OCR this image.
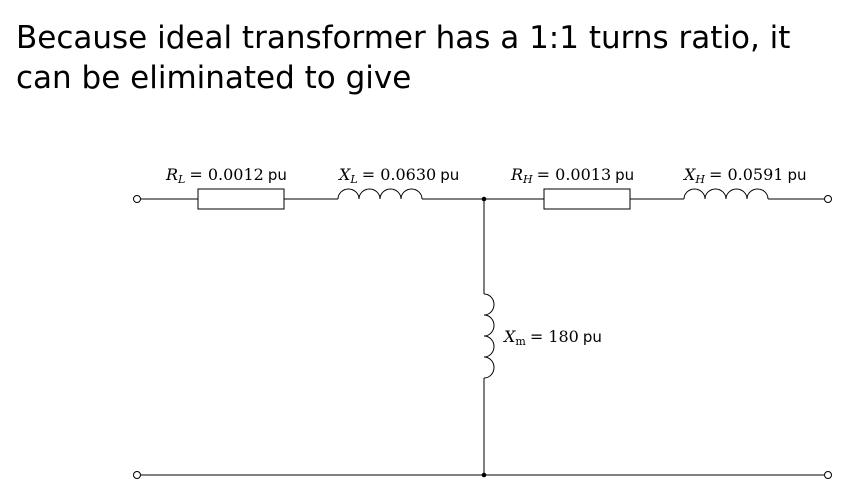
Because ideal transformer has a 1:1 turns ratio, it can be eliminated to give
RL = 0.0012 pu	XL = 0.0630 pu	RH = 0.0013 pu	XH = 0.0591 pu
Xm = 180 pu
